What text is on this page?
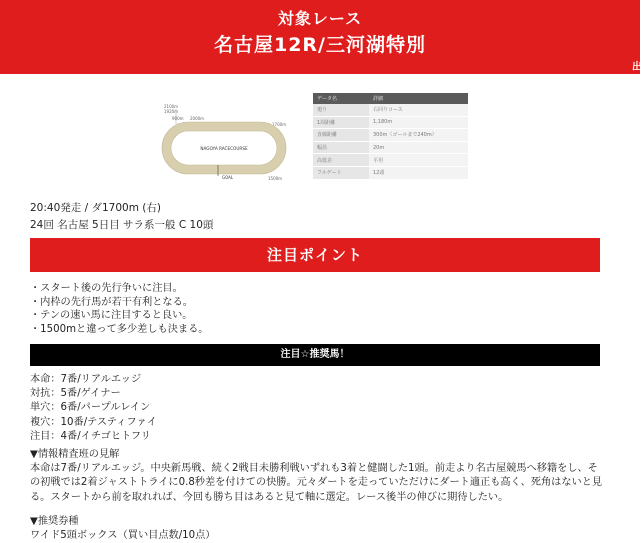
対象レース
名古屋12R/三河湖特別
出
2100m
1920m
900m 2000m
1700m
NAGOYA RACECOURSE
GOAL	1500m
データ名	詳細
廻り	右回りコース
1周距離	1,180m
直線距離	300m（ゴールまで240m）
幅員	20m
高低差	平坦
フルゲート	12頭
20:40発走 / ダ1700m (右)
24回 名古屋 5日目 サラ系一般 C 10頭
注目ポイント
・スタート後の先行争いに注目。
・内枠の先行馬が若干有利となる。
・テンの速い馬に注目すると良い。
・1500mと違って多少差しも決まる。
注目☆推奨馬！
本命：7番/リアルエッジ
対抗：5番/ゲイナー
単穴：6番/パープルレイン
複穴：10番/テスティファイ
注目：4番/イチゴヒトフリ
▼情報精査班の見解
本命は7番/リアルエッジ。中央新馬戦、続く2戦目未勝利戦いずれも3着と健闘した1頭。前走より名古屋競馬へ移籍をし、その初戦では2着ジャストトライに0.8秒差を付けての快勝。元々ダートを走っていただけにダート適正も高く、死角はないと見る。スタートから前を取れれば、今回も勝ち目はあると見て軸に選定。レース後半の伸びに期待したい。
▼推奨券種
ワイド5頭ボックス（買い目点数/10点）
